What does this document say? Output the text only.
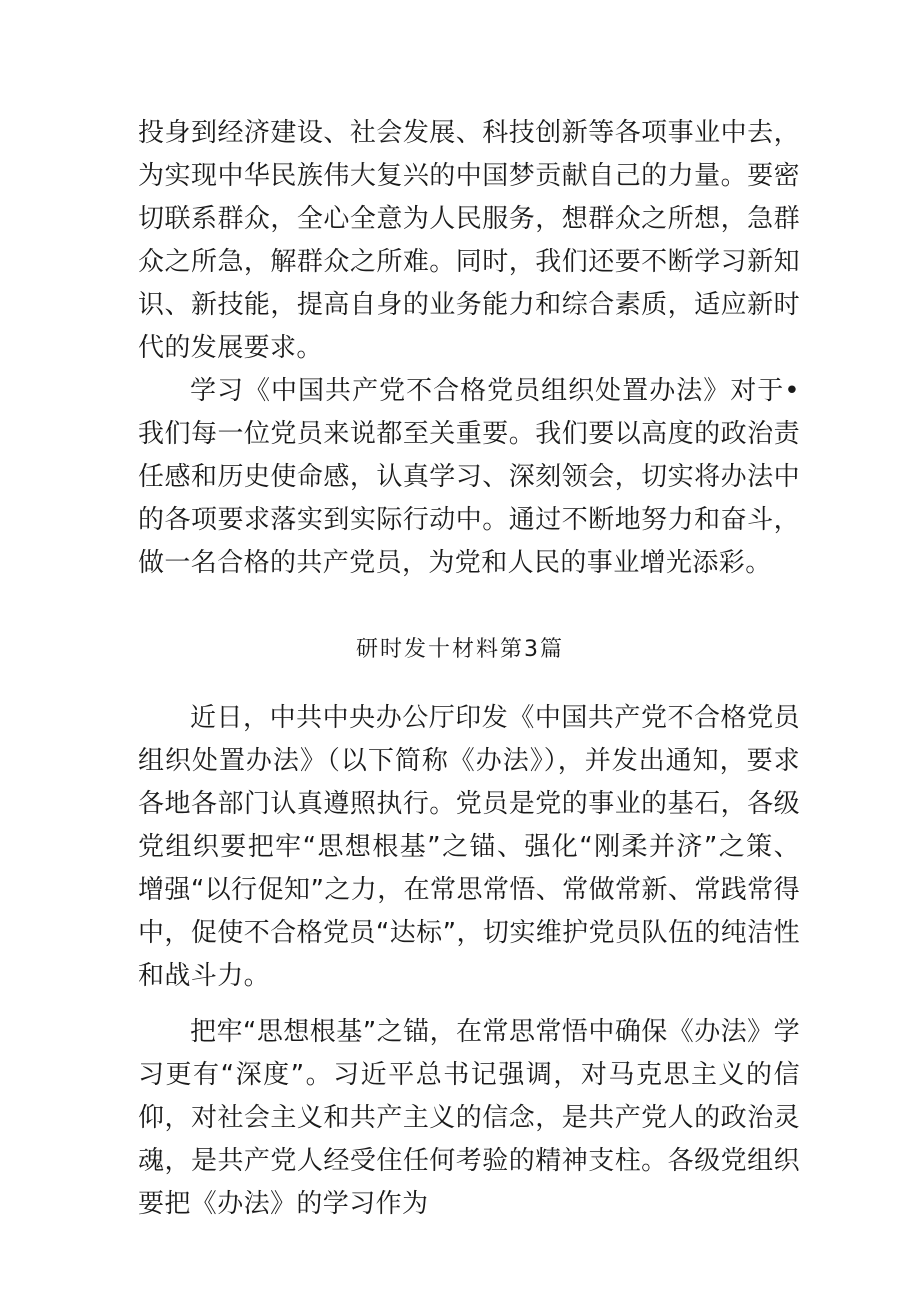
投身到经济建设、社会发展、科技创新等各项事业中去，为实现中华民族伟大复兴的中国梦贡献自己的力量。要密切联系群众，全心全意为人民服务，想群众之所想，急群众之所急，解群众之所难。同时，我们还要不断学习新知识、新技能，提高自身的业务能力和综合素质，适应新时代的发展要求。

学习《中国共产党不合格党员组织处置办法》对于•我们每一位党员来说都至关重要。我们要以高度的政治责任感和历史使命感，认真学习、深刻领会，切实将办法中的各项要求落实到实际行动中。通过不断地努力和奋斗，做一名合格的共产党员，为党和人民的事业增光添彩。

研时发十材料第3篇

近日，中共中央办公厅印发《中国共产党不合格党员组织处置办法》（以下简称《办法》），并发出通知，要求各地各部门认真遵照执行。党员是党的事业的基石，各级党组织要把牢“思想根基”之锚、强化“刚柔并济”之策、增强“以行促知”之力，在常思常悟、常做常新、常践常得中，促使不合格党员“达标”，切实维护党员队伍的纯洁性和战斗力。

把牢“思想根基”之锚，在常思常悟中确保《办法》学习更有“深度”。习近平总书记强调，对马克思主义的信仰，对社会主义和共产主义的信念，是共产党人的政治灵魂，是共产党人经受住任何考验的精神支柱。各级党组织要把《办法》的学习作为
